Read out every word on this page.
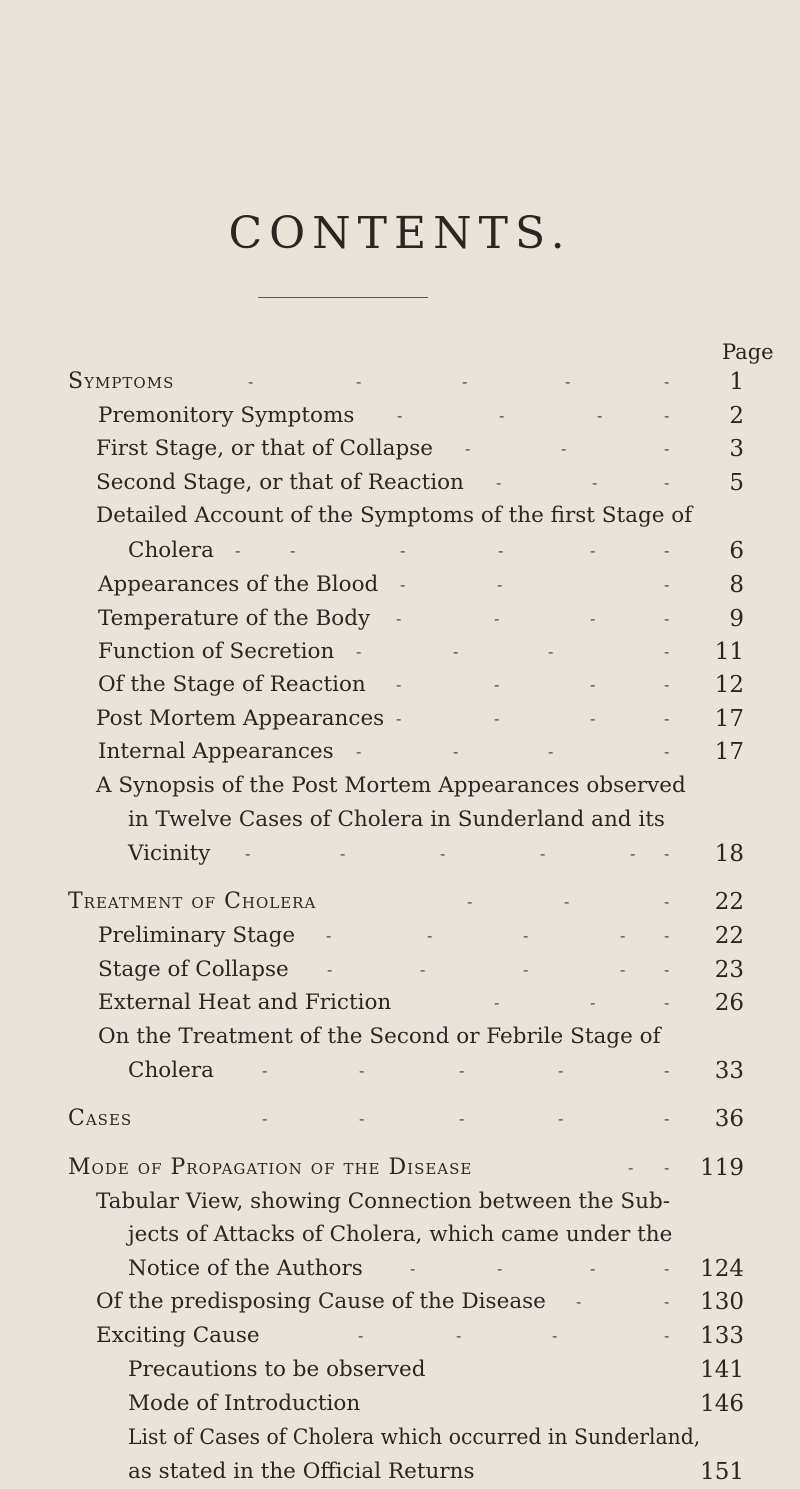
CONTENTS.
Page
Symptoms	-	-	-	-	-	1
Premonitory Symptoms	-	-	-	-	2
First Stage, or that of Collapse -	-	-	3
Second Stage, or that of Reaction -	-	-	5
Detailed Account of the Symptoms of the first Stage of
Cholera -	-	-	-	-	-	6
Appearances of the Blood -	-	-	8
Temperature of the Body -	-	-	-	9
Function of Secretion -	-	-	- 11
Of the Stage of Reaction -	-	-	- 12
Post Mortem Appearances -	-	-	- 17
Internal Appearances -	-	-	- 17
A Synopsis of the Post Mortem Appearances observed
in Twelve Cases of Cholera in Sunderland and its
Vicinity -	-	-	-	- - 18
Treatment of Cholera	-	-	- 22
Preliminary Stage -	-	-	- - 22
Stage of Collapse -	-	-	- - 23
External Heat and Friction	-	-	- 26
On the Treatment of the Second or Febrile Stage of
Cholera	-	-	-	-	- 33
Cases	-	-	-	-	- 36
Mode of Propagation of the Disease	- - 119
Tabular View, showing Connection between the Sub-
jects of Attacks of Cholera, which came under the
Notice of the Authors	-	-	-	- 124
Of the predisposing Cause of the Disease -	- 130
Exciting Cause	-	-	-	- 133
Precautions to be observed	141
Mode of Introduction	146
List of Cases of Cholera which occurred in Sunderland,
as stated in the Official Returns	151
